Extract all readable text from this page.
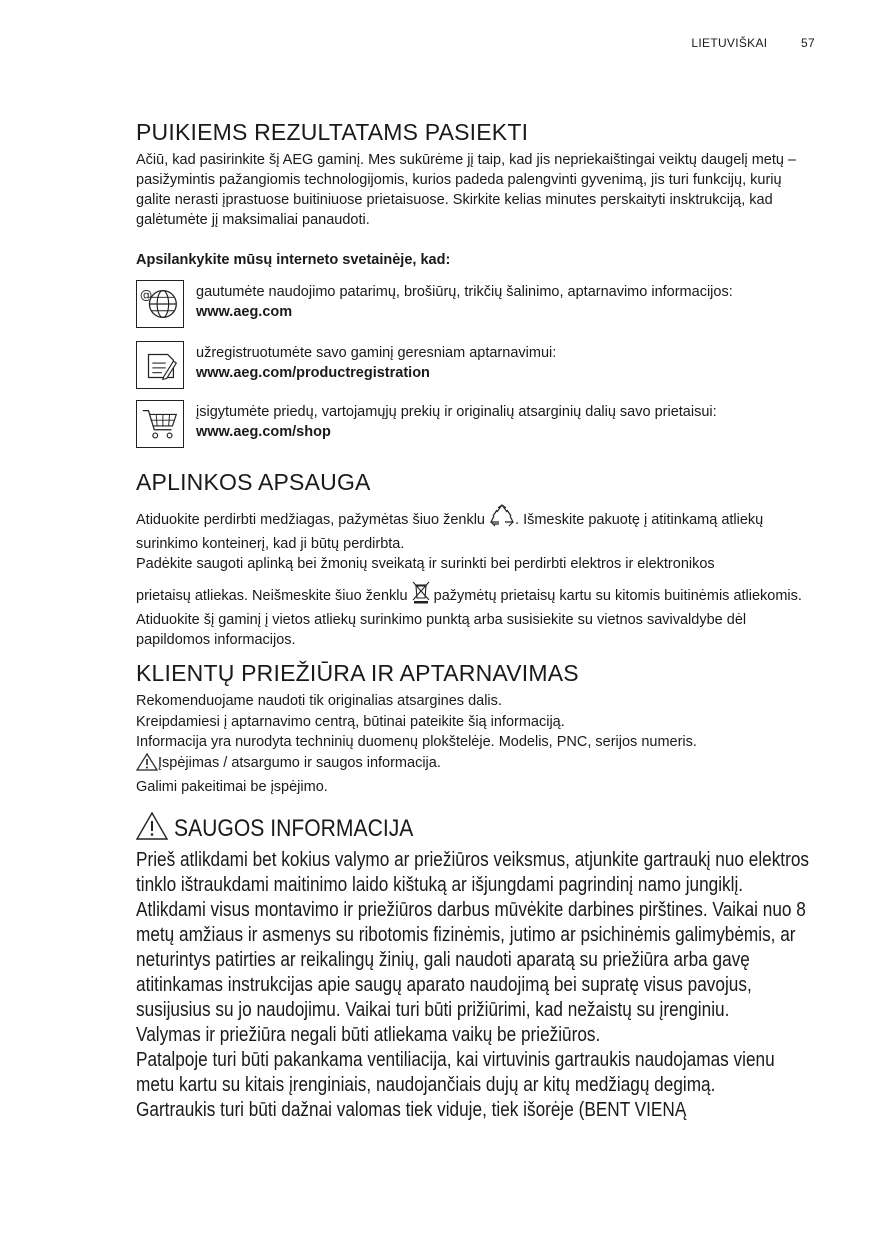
LIETUVIŠKAI	57
PUIKIEMS REZULTATAMS PASIEKTI

Ačiū, kad pasirinkite šį AEG gaminį. Mes sukūrėme jį taip, kad jis nepriekaištingai veiktų daugelį metų – pasižymintis pažangiomis technologijomis, kurios padeda palengvinti gyvenimą, jis turi funkcijų, kurių galite nerasti įprastuose buitiniuose prietaisuose. Skirkite kelias minutes perskaityti insktrukciją, kad galėtumėte jį maksimaliai panaudoti.

Apsilankykite mūsų interneto svetainėje, kad:

@	gautumėte naudojimo patarimų, brošiūrų, trikčių šalinimo, aptarnavimo informacijos:
www.aeg.com
užregistruotumėte savo gaminį geresniam aptarnavimui:
www.aeg.com/productregistration
įsigytumėte priedų, vartojamųjų prekių ir originalių atsarginių dalių savo prietaisui:
www.aeg.com/shop
APLINKOS APSAUGA

Atiduokite perdirbti medžiagas, pažymėtas šiuo ženklu . Išmeskite pakuotę į atitinkamą atliekų surinkimo konteinerį, kad ji būtų perdirbta.

Padėkite saugoti aplinką bei žmonių sveikatą ir surinkti bei perdirbti elektros ir elektronikos

prietaisų atliekas. Neišmeskite šiuo ženklu pažymėtų prietaisų kartu su kitomis buitinėmis atliekomis. Atiduokite šį gaminį į vietos atliekų surinkimo punktą arba susisiekite su vietnos savivaldybe dėl papildomos informacijos.

KLIENTŲ PRIEŽIŪRA IR APTARNAVIMAS

Rekomenduojame naudoti tik originalias atsargines dalis.

Kreipdamiesi į aptarnavimo centrą, būtinai pateikite šią informaciją.

Informacija yra nurodyta techninių duomenų plokštelėje. Modelis, PNC, serijos numeris.

Įspėjimas / atsargumo ir saugos informacija.

Galimi pakeitimai be įspėjimo.

SAUGOS INFORMACIJA
Prieš atlikdami bet kokius valymo ar priežiūros veiksmus, atjunkite gartraukį nuo elektros tinklo ištraukdami maitinimo laido kištuką ar išjungdami pagrindinį namo jungiklį.
Atlikdami visus montavimo ir priežiūros darbus mūvėkite darbines pirštines. Vaikai nuo 8 metų amžiaus ir asmenys su ribotomis fizinėmis, jutimo ar psichinėmis galimybėmis, ar neturintys patirties ar reikalingų žinių, gali naudoti aparatą su priežiūra arba gavę atitinkamas instrukcijas apie saugų aparato naudojimą bei supratę visus pavojus, susijusius su jo naudojimu. Vaikai turi būti prižiūrimi, kad nežaistų su įrenginiu.
Valymas ir priežiūra negali būti atliekama vaikų be priežiūros.
Patalpoje turi būti pakankama ventiliacija, kai virtuvinis gartraukis naudojamas vienu metu kartu su kitais įrenginiais, naudojančiais dujų ar kitų medžiagų degimą.
Gartraukis turi būti dažnai valomas tiek viduje, tiek išorėje (BENT VIENĄ
